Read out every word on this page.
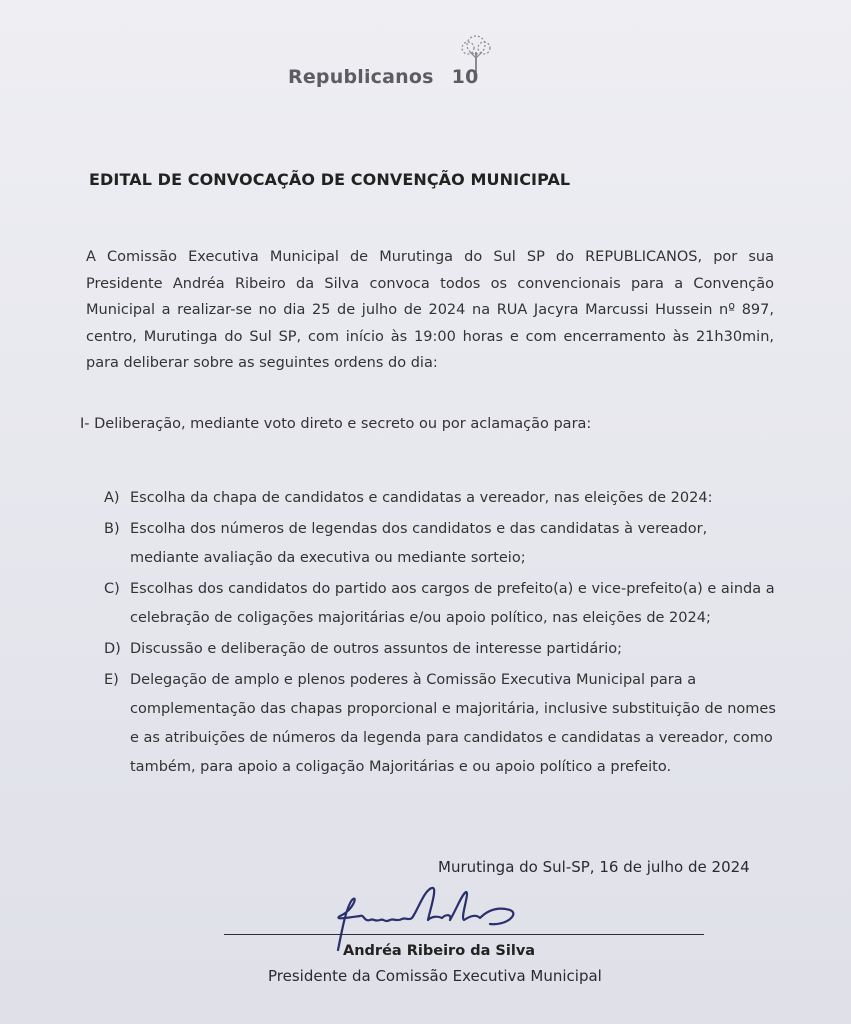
Republicanos 10
EDITAL DE CONVOCAÇÃO DE CONVENÇÃO MUNICIPAL

A Comissão Executiva Municipal de Murutinga do Sul SP do REPUBLICANOS, por sua Presidente Andréa Ribeiro da Silva convoca todos os convencionais para a Convenção Municipal a realizar-se no dia 25 de julho de 2024 na RUA Jacyra Marcussi Hussein nº 897, centro, Murutinga do Sul SP, com início às 19:00 horas e com encerramento às 21h30min, para deliberar sobre as seguintes ordens do dia:

I- Deliberação, mediante voto direto e secreto ou por aclamação para:

A) Escolha da chapa de candidatos e candidatas a vereador, nas eleições de 2024:
B) Escolha dos números de legendas dos candidatos e das candidatas à vereador, mediante avaliação da executiva ou mediante sorteio;
C) Escolhas dos candidatos do partido aos cargos de prefeito(a) e vice-prefeito(a) e ainda a celebração de coligações majoritárias e/ou apoio político, nas eleições de 2024;
D) Discussão e deliberação de outros assuntos de interesse partidário;
E) Delegação de amplo e plenos poderes à Comissão Executiva Municipal para a complementação das chapas proporcional e majoritária, inclusive substituição de nomes e as atribuições de números da legenda para candidatos e candidatas a vereador, como também, para apoio a coligação Majoritárias e ou apoio político a prefeito.

Murutinga do Sul-SP, 16 de julho de 2024

Andréa Ribeiro da Silva

Presidente da Comissão Executiva Municipal
